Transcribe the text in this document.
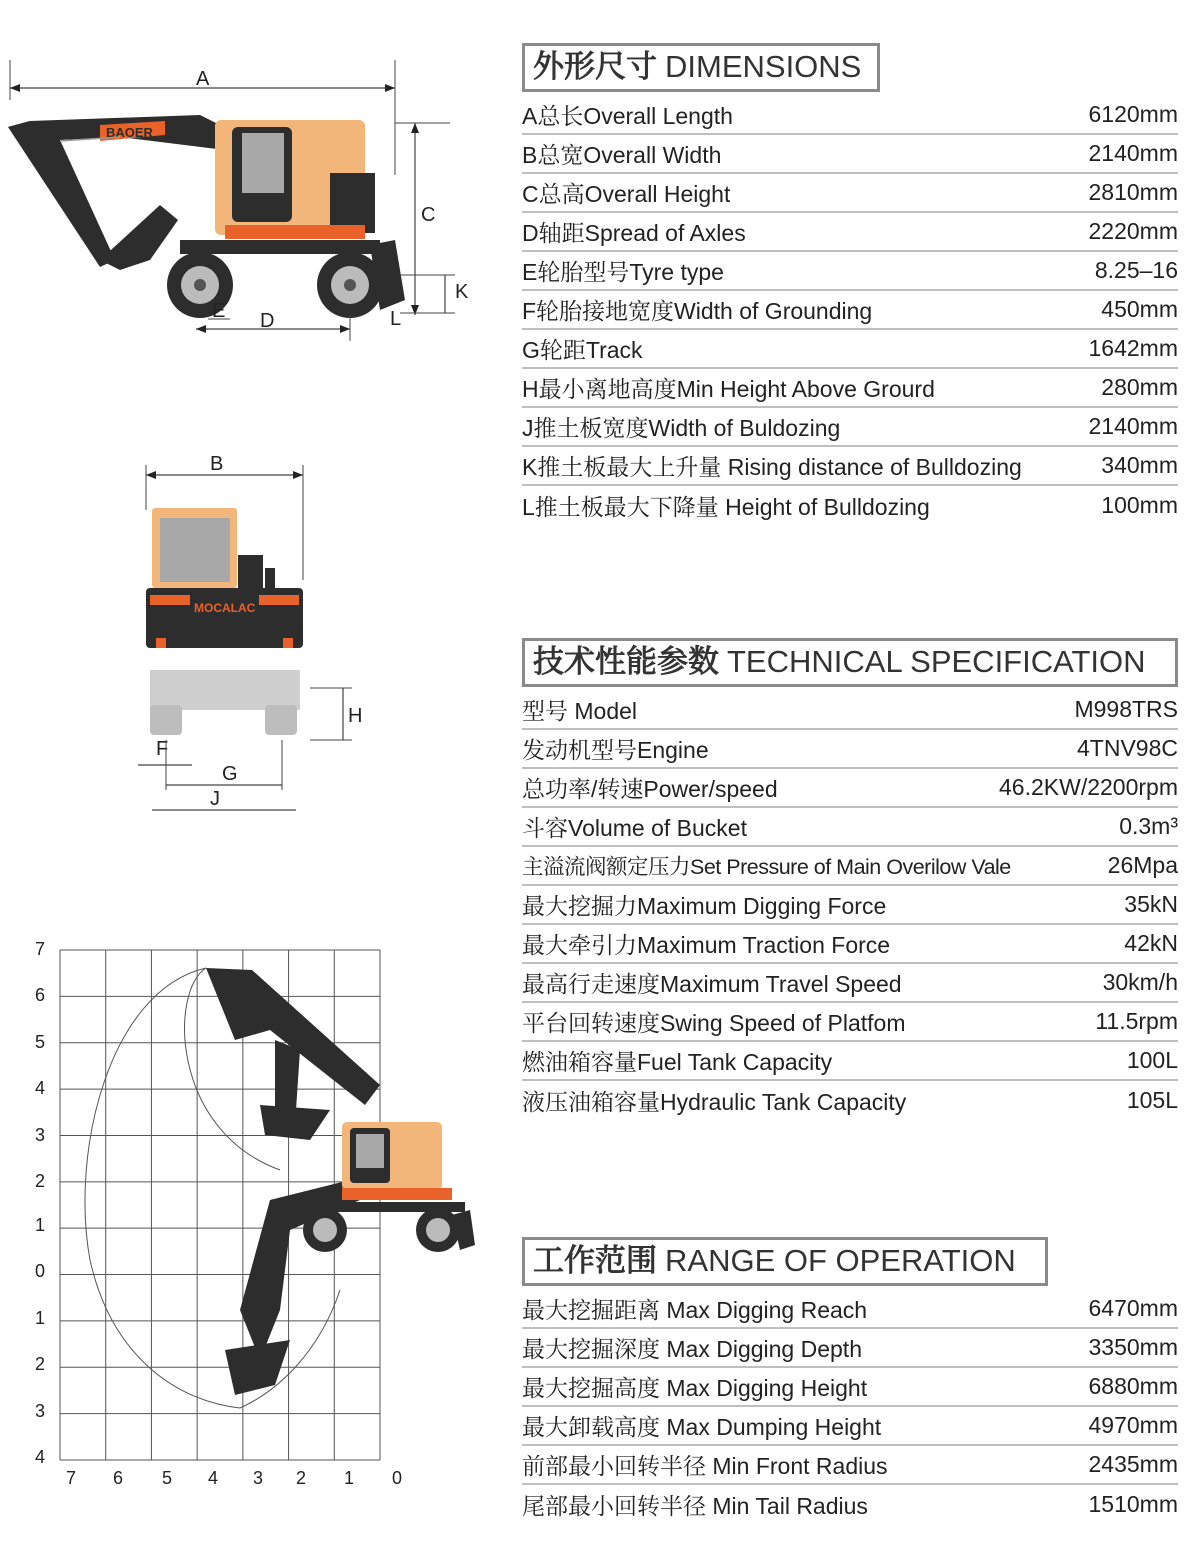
A
C
BAOER
K
E D	L
B
MOCALAC
H
F
G
J
7
6
5
4
3
2
1
0
1
2
3
4
7 6 5 4 3 2 1 0
外形尺寸 DIMENSIONS
A总长Overall Length	6120mm
B总宽Overall Width	2140mm
C总高Overall Height	2810mm
D轴距Spread of Axles	2220mm
E轮胎型号Tyre type	8.25–16
F轮胎接地宽度Width of Grounding	450mm
G轮距Track	1642mm
H最小离地高度Min Height Above Grourd	280mm
J推土板宽度Width of Buldozing	2140mm
K推土板最大上升量 Rising distance of Bulldozing	340mm
L推土板最大下降量 Height of Bulldozing	100mm
技术性能参数 TECHNICAL SPECIFICATION
型号 Model	M998TRS
发动机型号Engine	4TNV98C
总功率/转速Power/speed	46.2KW/2200rpm
斗容Volume of Bucket	0.3m³
主溢流阀额定压力Set Pressure of Main Overilow Vale	26Mpa
最大挖掘力Maximum Digging Force	35kN
最大牵引力Maximum Traction Force	42kN
最高行走速度Maximum Travel Speed	30km/h
平台回转速度Swing Speed of Platfom	11.5rpm
燃油箱容量Fuel Tank Capacity	100L
液压油箱容量Hydraulic Tank Capacity	105L
工作范围 RANGE OF OPERATION
最大挖掘距离 Max Digging Reach	6470mm
最大挖掘深度 Max Digging Depth	3350mm
最大挖掘高度 Max Digging Height	6880mm
最大卸载高度 Max Dumping Height	4970mm
前部最小回转半径 Min Front Radius	2435mm
尾部最小回转半径 Min Tail Radius	1510mm
